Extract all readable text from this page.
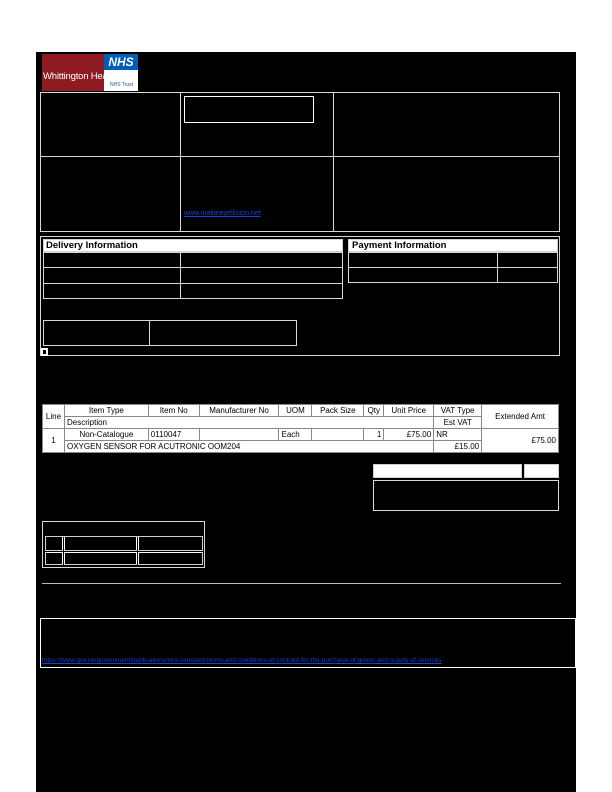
NHS
Whittington Health
NHS Trust
www.maloneyelliston.net
Delivery Information	Payment Information
Line	Item Type	Item No	Manufacturer No	UOM	Pack Size	Qty	Unit Price	VAT Type	Extended Amt
	Description							Est VAT	
1	Non-Catalogue	0110047		Each		1	£75.00	NR	£75.00
	OXYGEN SENSOR FOR ACUTRONIC OOM204							£15.00	
https://www.gov.uk/government/publications/nhs-standard-terms-and-conditions-of-contract-for-the-purchase-of-goods-and-supply-of-services
